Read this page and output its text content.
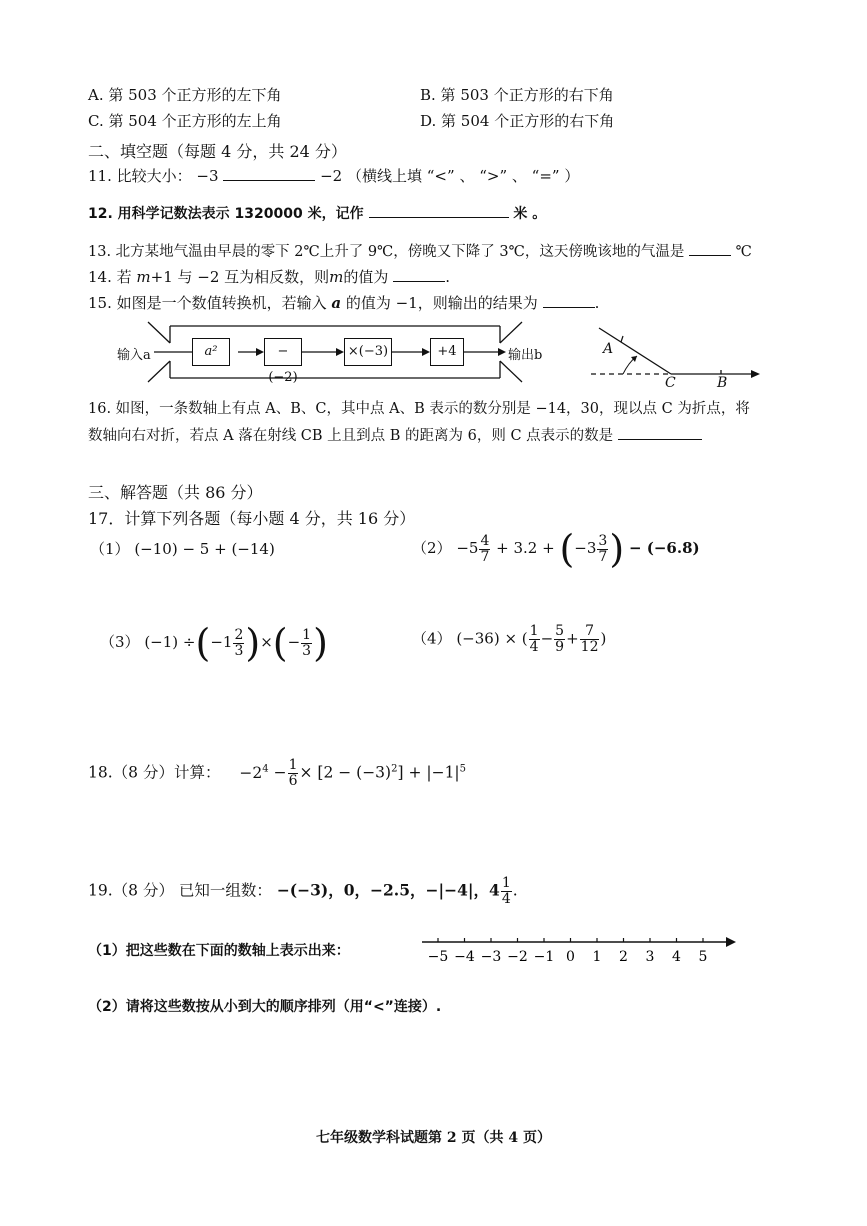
A. 第 503 个正方形的左下角	B. 第 503 个正方形的右下角
C. 第 504 个正方形的左上角	D. 第 504 个正方形的右下角
二、填空题（每题 4 分，共 24 分）
11. 比较大小： −3	−2 （横线上填 “<” 、 “>” 、 “=” ）
12. 用科学记数法表示 1320000 米，记作	米 。
13. 北方某地气温由早晨的零下 2℃上升了 9℃，傍晚又下降了 3℃，这天傍晚该地的气温是	℃
14. 若 m+1 与 −2 互为相反数，则m的值为	.
15. 如图是一个数值转换机，若输入 a 的值为 −1，则输出的结果为	.
输入a	a²	−(−2)
×(−3)	+4	输出b	A
C	B
16. 如图，一条数轴上有点 A、B、C，其中点 A、B 表示的数分别是 −14，30，现以点 C 为折点，将
数轴向右对折，若点 A 落在射线 CB 上且到点 B 的距离为 6，则 C 点表示的数是
三、解答题（共 86 分）
17．计算下列各题（每小题 4 分，共 16 分）
（1） (−10) − 5 + (−14)	$(2) -5 \frac{4}{7} + 3.2 + (-3 \frac{3}{7}$ ) − (−6.8)
（3） $(-1) \div(-1 \frac{2}{3}$ )×(− $\frac{1}{3}$ )	（4） (−36) × ( $\frac{1}{4} - \frac{5}{9} + \frac{7}{12}$ )
18.（8 分）计算： $-2^4 - \frac{1}{6} \times [2 - (-3)^2] + |-1|^5$
19.（8 分） 已知一组数： −(−3)，0，−2.5，−|−4|，$4 \frac{1}{4}$ .
（1）把这些数在下面的数轴上表示出来：	−5 −4 −3 −2 −1 0 1 2 3 4 5
（2）请将这些数按从小到大的顺序排列（用“<”连接）.
七年级数学科试题第 2 页（共 4 页）
